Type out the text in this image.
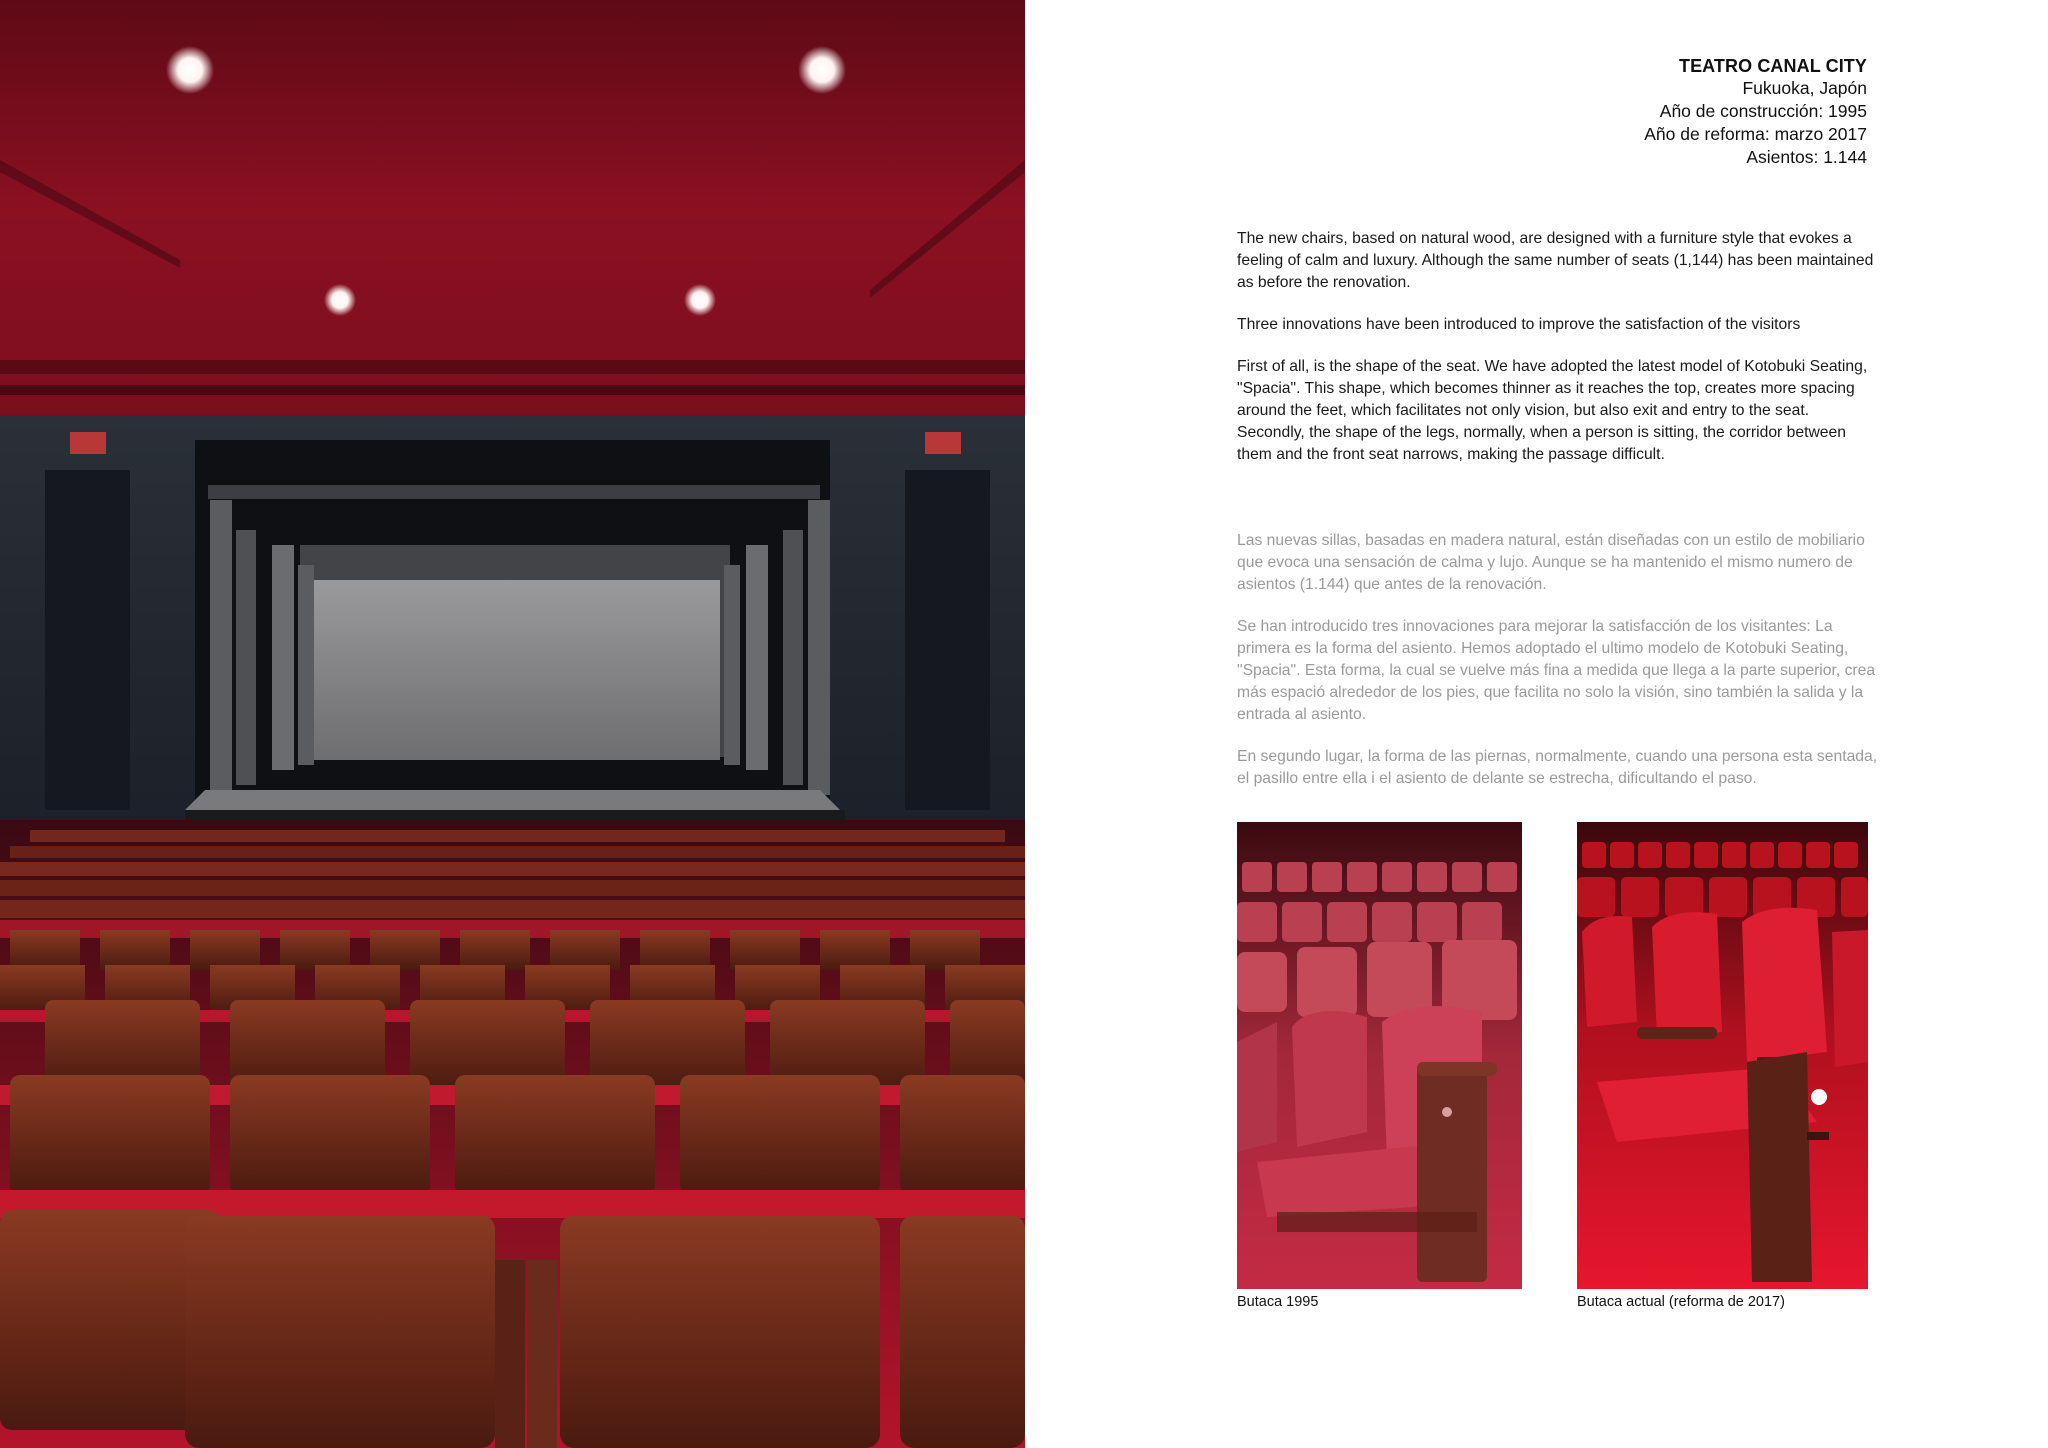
TEATRO CANAL CITY
Fukuoka, Japón
Año de construcción: 1995
Año de reforma: marzo 2017
Asientos: 1.144

The new chairs, based on natural wood, are designed with a furniture style that evokes a feeling of calm and luxury. Although the same number of seats (1,144) has been maintained as before the renovation.

Three innovations have been introduced to improve the satisfaction of the visitors

First of all, is the shape of the seat. We have adopted the latest model of Kotobuki Seating, "Spacia". This shape, which becomes thinner as it reaches the top, creates more spacing around the feet, which facilitates not only vision, but also exit and entry to the seat.

Secondly, the shape of the legs, normally, when a person is sitting, the corridor between them and the front seat narrows, making the passage difficult.

Las nuevas sillas, basadas en madera natural, están diseñadas con un estilo de mobiliario que evoca una sensación de calma y lujo. Aunque se ha mantenido el mismo numero de asientos (1.144) que antes de la renovación.

Se han introducido tres innovaciones para mejorar la satisfacción de los visitantes: La primera es la forma del asiento. Hemos adoptado el ultimo modelo de Kotobuki Seating, "Spacia". Esta forma, la cual se vuelve más fina a medida que llega a la parte superior, crea más espació alrededor de los pies, que facilita no solo la visión, sino también la salida y la entrada al asiento.

En segundo lugar, la forma de las piernas, normalmente, cuando una persona esta sentada, el pasillo entre ella i el asiento de delante se estrecha, dificultando el paso.

Butaca 1995	Butaca actual (reforma de 2017)
